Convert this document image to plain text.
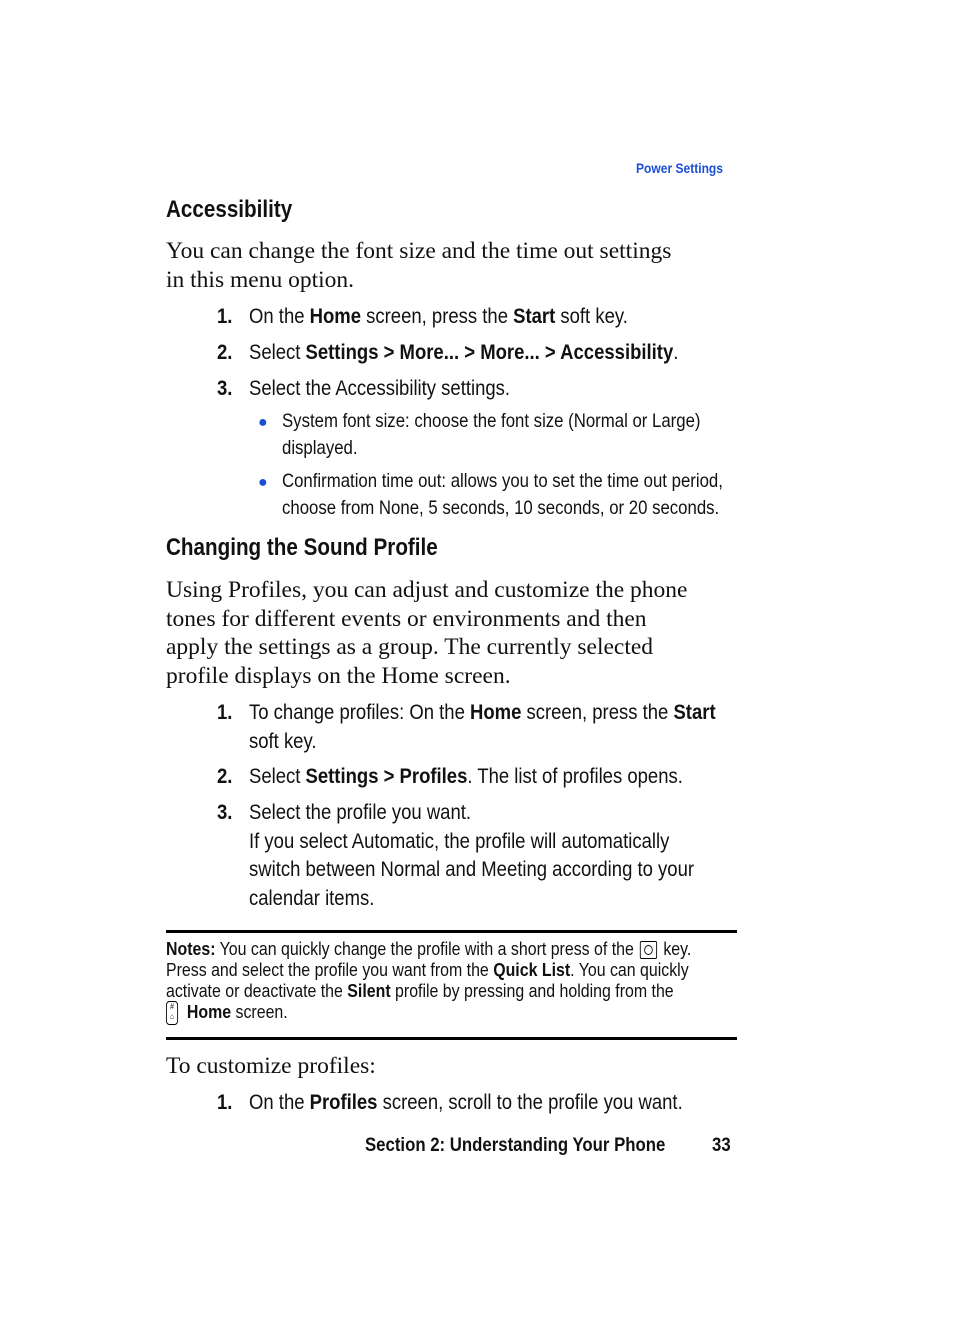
Power Settings
Accessibility
You can change the font size and the time out settings
in this menu option.
1. On the Home screen, press the Start soft key.
2. Select Settings > More... > More... > Accessibility.
3. Select the Accessibility settings.
● System font size: choose the font size (Normal or Large)
displayed.
● Confirmation time out: allows you to set the time out period,
choose from None, 5 seconds, 10 seconds, or 20 seconds.
Changing the Sound Profile
Using Profiles, you can adjust and customize the phone
tones for different events or environments and then
apply the settings as a group. The currently selected
profile displays on the Home screen.
1. To change profiles: On the Home screen, press the Start
soft key.
2. Select Settings > Profiles. The list of profiles opens.
3. Select the profile you want.
If you select Automatic, the profile will automatically
switch between Normal and Meeting according to your
calendar items.
Notes: You can quickly change the profile with a short press of the
key.
Press and select the profile you want from the Quick List. You can quickly
activate or deactivate the Silent profile by pressing and holding from the
#
⌂ Home screen.
To customize profiles:
1. On the Profiles screen, scroll to the profile you want.
Section 2: Understanding Your Phone	33
